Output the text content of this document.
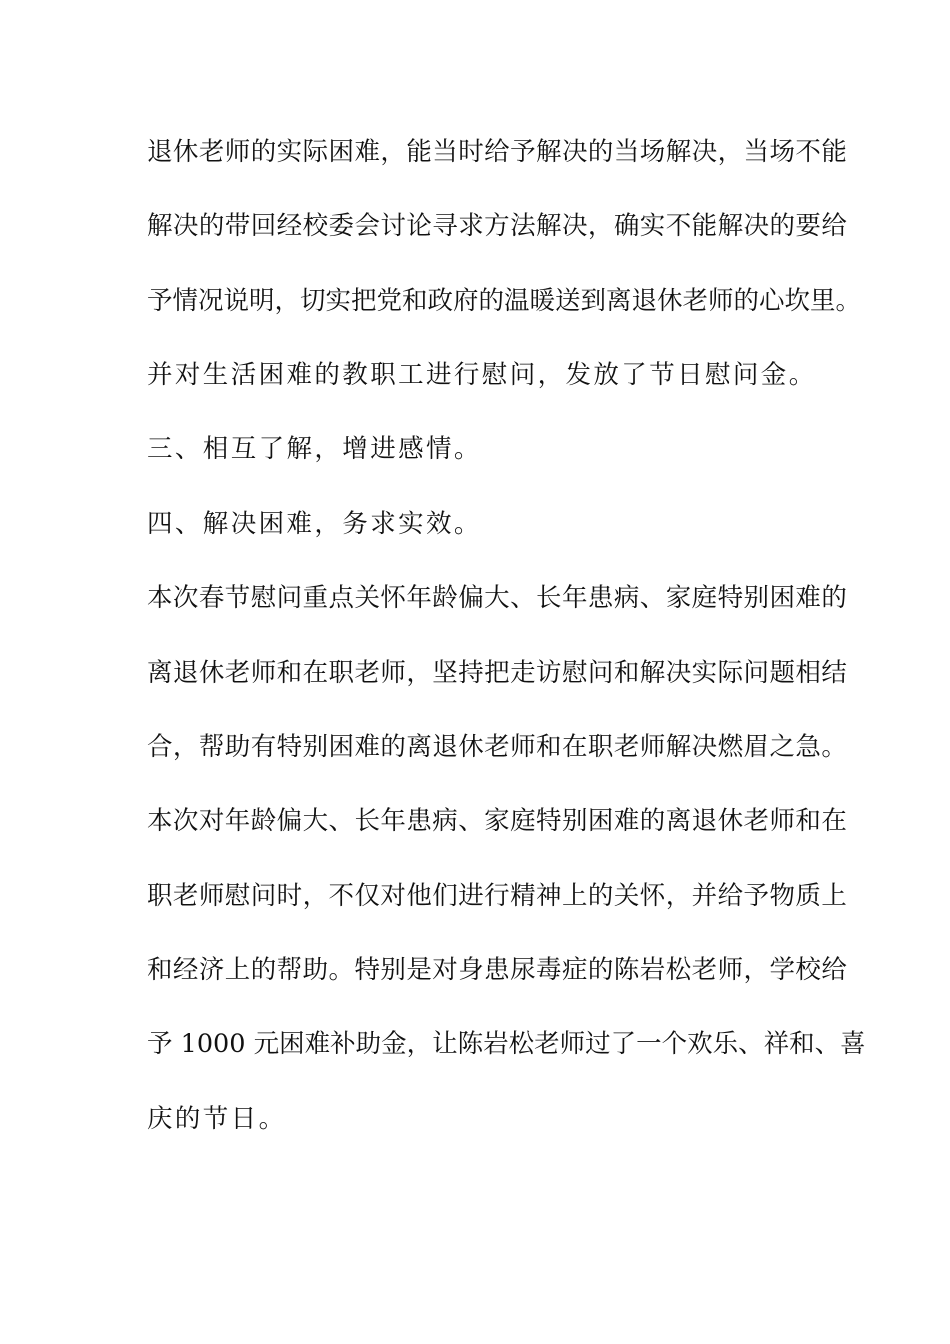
退休老师的实际困难，能当时给予解决的当场解决，当场不能

解决的带回经校委会讨论寻求方法解决，确实不能解决的要给

予情况说明，切实把党和政府的温暖送到离退休老师的心坎里。

并对生活困难的教职工进行慰问，发放了节日慰问金。

三、相互了解，增进感情。

四、解决困难，务求实效。

本次春节慰问重点关怀年龄偏大、长年患病、家庭特别困难的

离退休老师和在职老师，坚持把走访慰问和解决实际问题相结

合，帮助有特别困难的离退休老师和在职老师解决燃眉之急。

本次对年龄偏大、长年患病、家庭特别困难的离退休老师和在

职老师慰问时，不仅对他们进行精神上的关怀，并给予物质上

和经济上的帮助。特别是对身患尿毒症的陈岩松老师，学校给

予 1000 元困难补助金，让陈岩松老师过了一个欢乐、祥和、喜

庆的节日。
